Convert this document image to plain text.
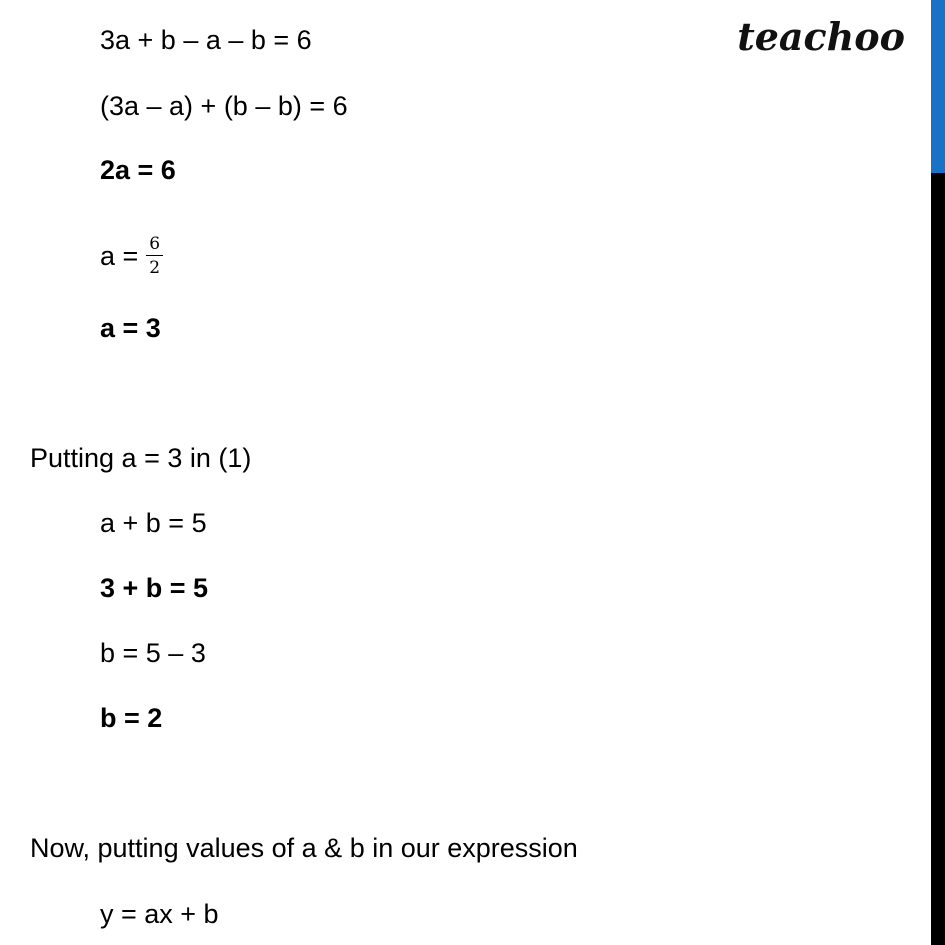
teachoo
3a + b – a – b = 6
(3a – a) + (b – b) = 6
2a = 6
$a = \frac{6}{2}$
a = 3
Putting a = 3 in (1)
a + b = 5
3 + b = 5
b = 5 – 3
b = 2
Now, putting values of a & b in our expression
y = ax + b
